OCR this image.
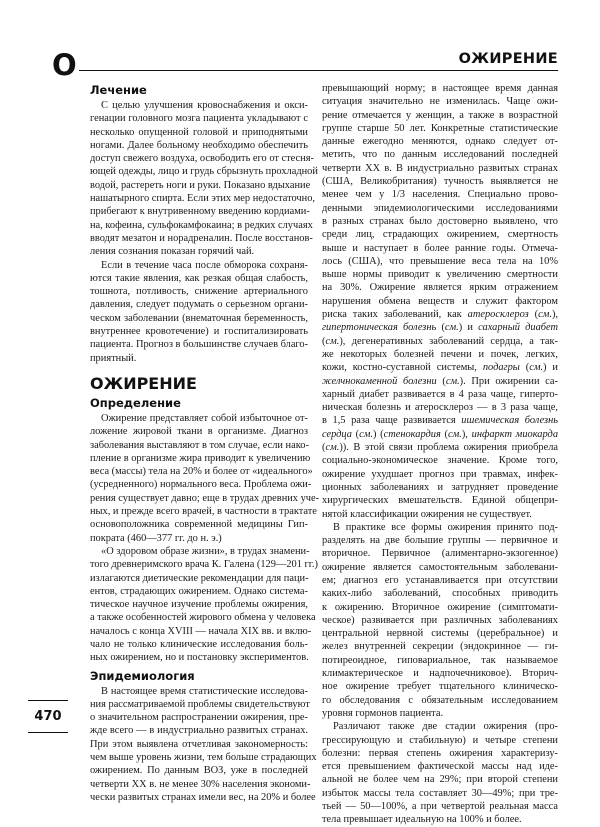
О	ОЖИРЕНИЕ
Лечение
С целью улучшения кровоснабжения и окси-
генации головного мозга пациента укладывают с
несколько опущенной головой и приподнятыми
ногами. Далее больному необходимо обеспечить
доступ свежего воздуха, освободить его от стесня-
ющей одежды, лицо и грудь сбрызнуть прохладной
водой, растереть ноги и руки. Показано вдыхание
нашатырного спирта. Если этих мер недостаточно,
прибегают к внутривенному введению кордиами-
на, кофеина, сульфокамфокаина; в редких случаях
вводят мезатон и норадреналин. После восстанов-
ления сознания показан горячий чай.
Если в течение часа после обморока сохраня-
ются такие явления, как резкая общая слабость,
тошнота, потливость, снижение артериального
давления, следует подумать о серьезном органи-
ческом заболевании (внематочная беременность,
внутреннее кровотечение) и госпитализировать
пациента. Прогноз в большинстве случаев благо-
приятный.
ОЖИРЕНИЕ
Определение
Ожирение представляет собой избыточное от-
ложение жировой ткани в организме. Диагноз
заболевания выставляют в том случае, если нако-
пление в организме жира приводит к увеличению
веса (массы) тела на 20% и более от «идеального»
(усредненного) нормального веса. Проблема ожи-
рения существует давно; еще в трудах древних уче-
ных, и прежде всего врачей, в частности в трактате
основоположника современной медицины Гип-
пократа (460—377 гг. до н. э.)
«О здоровом образе жизни», в трудах знамени-
того древнеримского врача К. Галена (129—201 гг.)
излагаются диетические рекомендации для паци-
ентов, страдающих ожирением. Однако система-
тическое научное изучение проблемы ожирения,
а также особенностей жирового обмена у человека
началось с конца XVIII — начала XIX вв. и вклю-
чало не только клинические исследования боль-
ных ожирением, но и постановку экспериментов.
Эпидемиология
В настоящее время статистические исследова-
ния рассматриваемой проблемы свидетельствуют
о значительном распространении ожирения, пре-
жде всего — в индустриально развитых странах.
При этом выявлена отчетливая закономерность:
чем выше уровень жизни, тем больше страдающих
ожирением. По данным ВОЗ, уже в последней
четверти XX в. не менее 30% населения экономи-
чески развитых странах имели вес, на 20% и более
превышающий норму; в настоящее время данная
ситуация значительно не изменилась. Чаще ожи-
рение отмечается у женщин, а также в возрастной
группе старше 50 лет. Конкретные статистические
данные ежегодно меняются, однако следует от-
метить, что по данным исследований последней
четверти XX в. В индустриально развитых странах
(США, Великобритания) тучность выявляется не
менее чем у 1/3 населения. Специально прово-
денными эпидемиологическими исследованиями
в разных странах было достоверно выявлено, что
среди лиц, страдающих ожирением, смертность
выше и наступает в более ранние годы. Отмеча-
лось (США), что превышение веса тела на 10%
выше нормы приводит к увеличению смертности
на 30%. Ожирение является ярким отражением
нарушения обмена веществ и служит фактором
риска таких заболеваний, как атеросклероз (см.),
гипертоническая болезнь (см.) и сахарный диабет
(см.), дегенеративных заболеваний сердца, а так-
же некоторых болезней печени и почек, легких,
кожи, костно-суставной системы, подагры (см.) и
желчнокаменной болезни (см.). При ожирении са-
харный диабет развивается в 4 раза чаще, гиперто-
ническая болезнь и атеросклероз — в 3 раза чаще,
в 1,5 раза чаще развивается ишемическая болезнь
сердца (см.) (стенокардия (см.), инфаркт миокарда
(см.)). В этой связи проблема ожирения приобрела
социально-экономическое значение. Кроме того,
ожирение ухудшает прогноз при травмах, инфек-
ционных заболеваниях и затрудняет проведение
хирургических вмешательств. Единой общепри-
нятой классификации ожирения не существует.
В практике все формы ожирения принято под-
разделять на две большие группы — первичное и
вторичное. Первичное (алиментарно-экзогенное)
ожирение является самостоятельным заболевани-
ем; диагноз его устанавливается при отсутствии
каких-либо заболеваний, способных приводить
к ожирению. Вторичное ожирение (симптомати-
ческое) развивается при различных заболеваниях
центральной нервной системы (церебральное) и
желез внутренней секреции (эндокринное — ги-
потиреоидное, гиповариальное, так называемое
климактерическое и надпочечниковое). Вторич-
ное ожирение требует тщательного клиническо-
го обследования с обязательным исследованием
уровня гормонов пациента.
Различают также две стадии ожирения (про-
грессирующую и стабильную) и четыре степени
болезни: первая степень ожирения характеризу-
ется превышением фактической массы над иде-
альной не более чем на 29%; при второй степени
избыток массы тела составляет 30—49%; при тре-
тьей — 50—100%, а при четвертой реальная масса
тела превышает идеальную на 100% и более.
470
